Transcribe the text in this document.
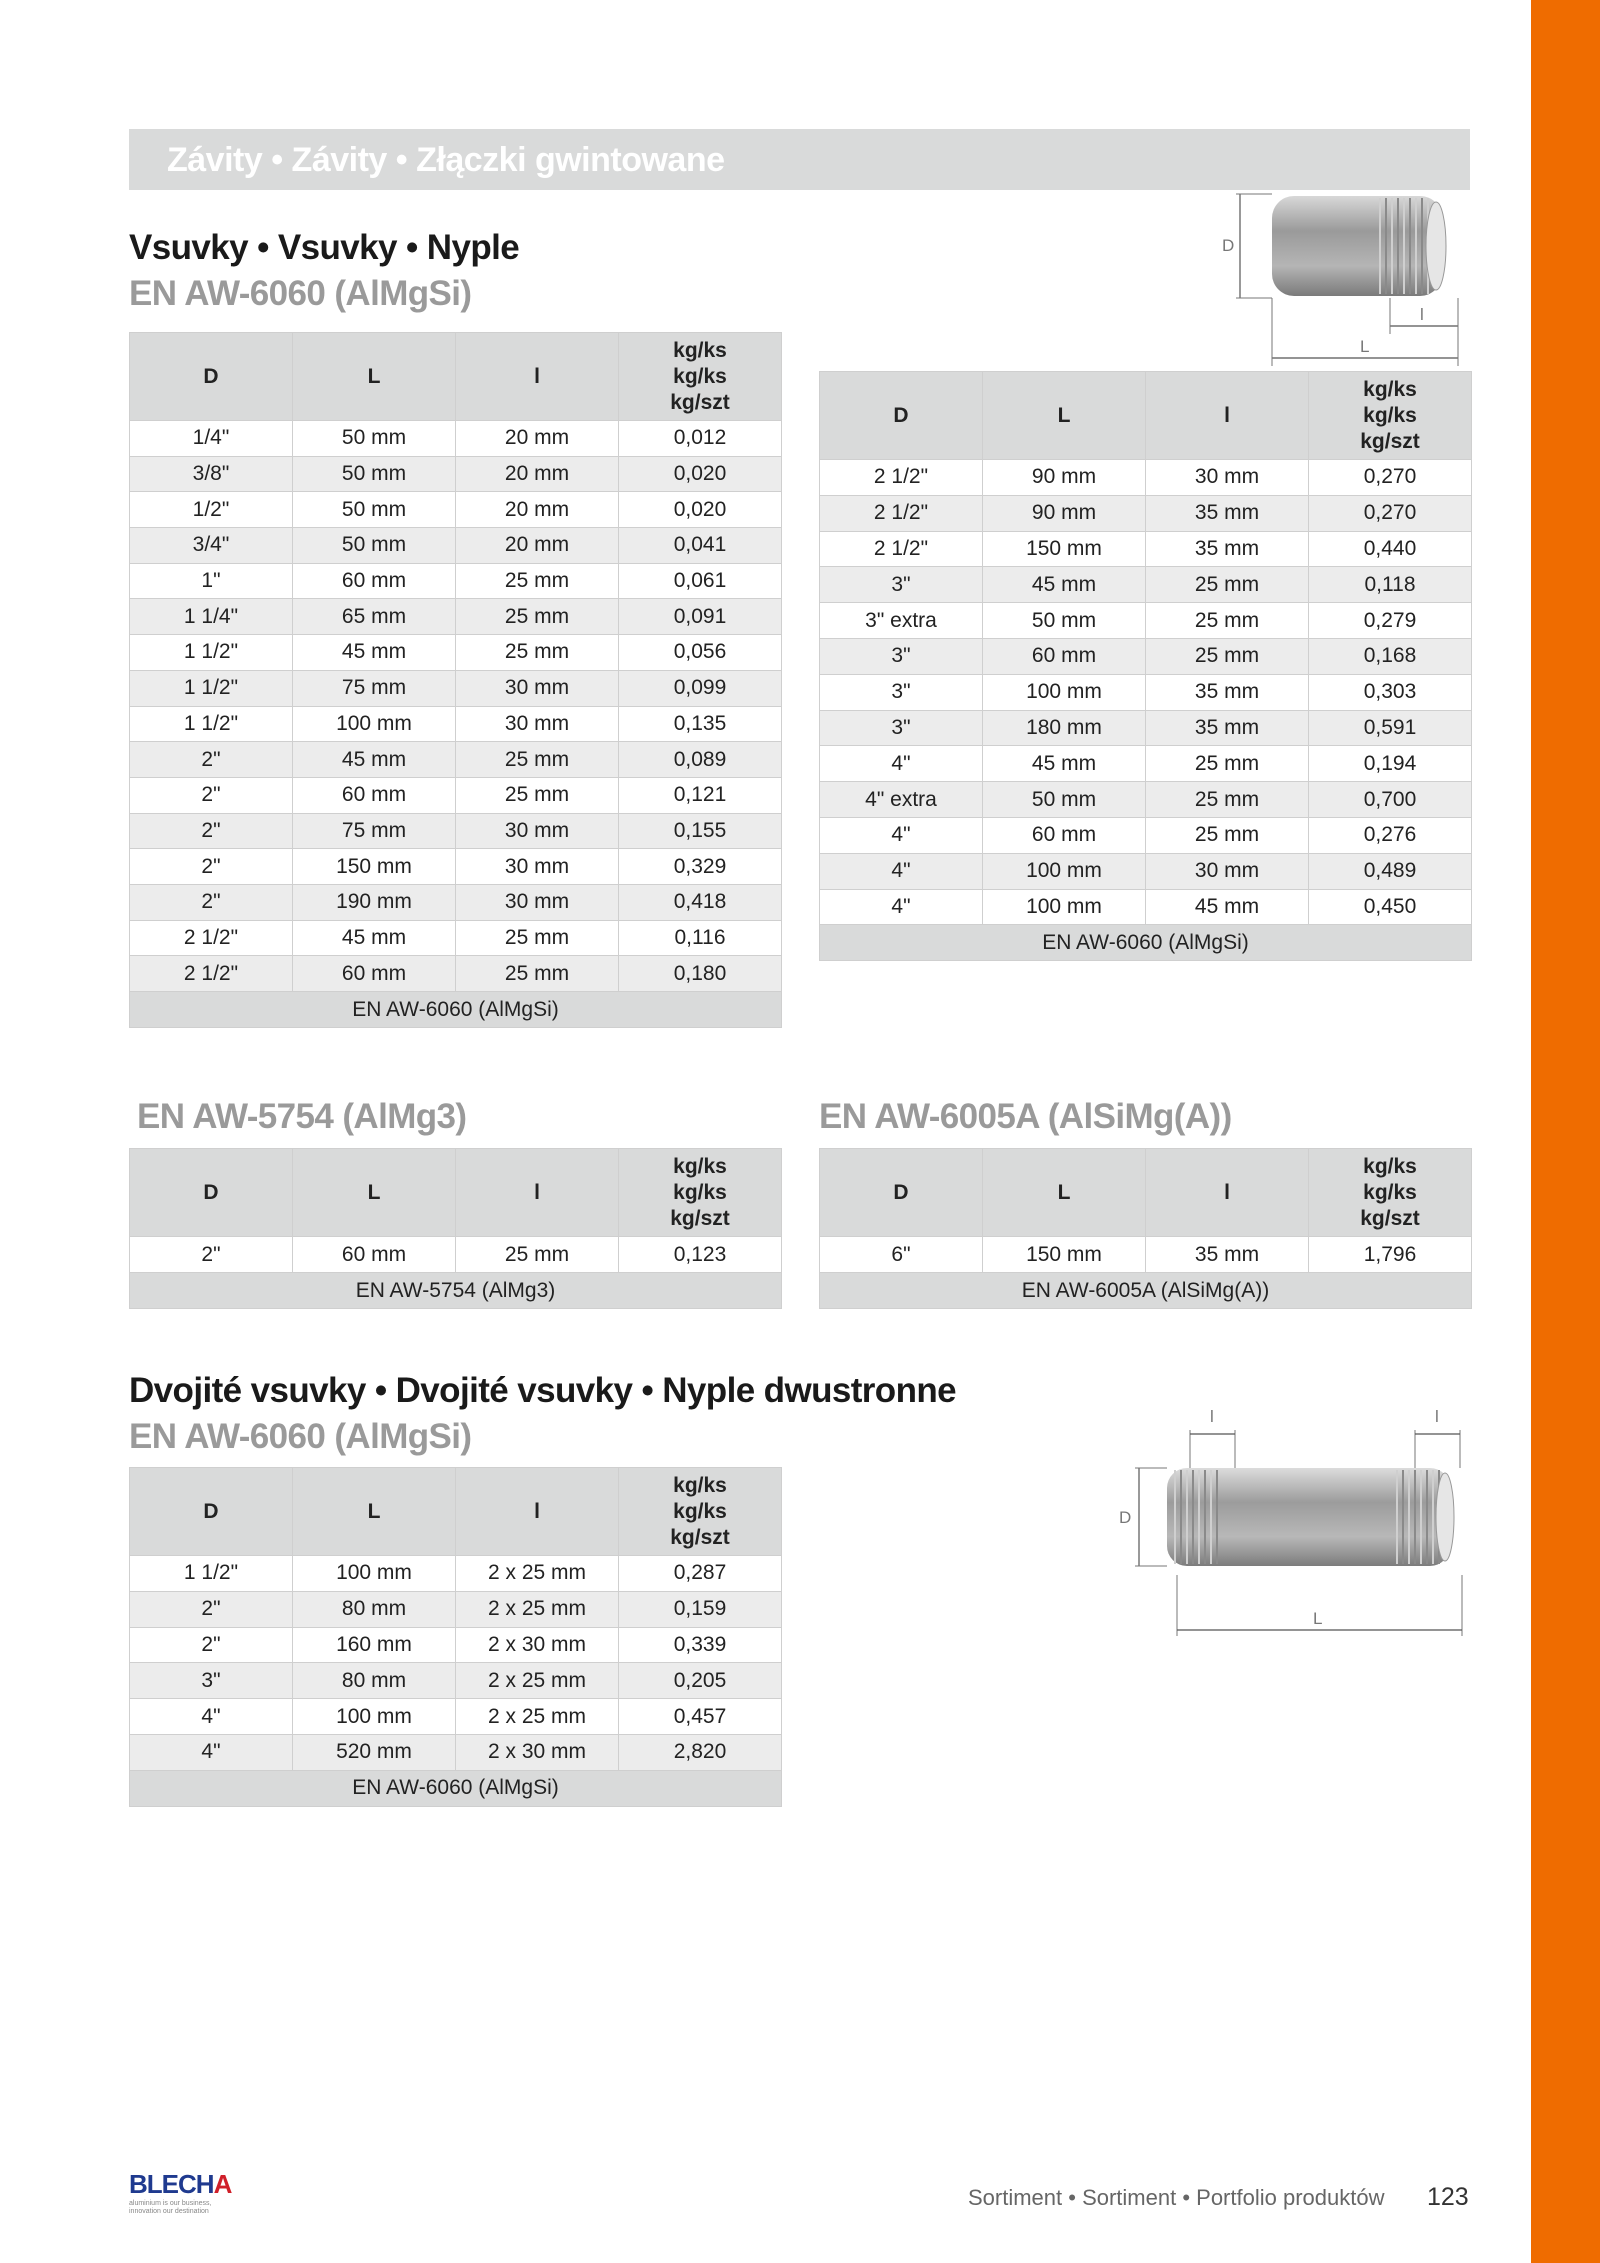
Závity • Závity • Złączki gwintowane
Vsuvky • Vsuvky • Nyple
EN AW-6060 (AlMgSi)
D	L	l	kg/ks
kg/ks
kg/szt

1/4"	50 mm	20 mm	0,012
3/8"	50 mm	20 mm	0,020
1/2"	50 mm	20 mm	0,020
3/4"	50 mm	20 mm	0,041
1"	60 mm	25 mm	0,061
1 1/4"	65 mm	25 mm	0,091
1 1/2"	45 mm	25 mm	0,056
1 1/2"	75 mm	30 mm	0,099
1 1/2"	100 mm	30 mm	0,135
2"	45 mm	25 mm	0,089
2"	60 mm	25 mm	0,121
2"	75 mm	30 mm	0,155
2"	150 mm	30 mm	0,329
2"	190 mm	30 mm	0,418
2 1/2"	45 mm	25 mm	0,116
2 1/2"	60 mm	25 mm	0,180
EN AW-6060 (AlMgSi)			
D	L	l	kg/ks
kg/ks
kg/szt

2 1/2"	90 mm	30 mm	0,270
2 1/2"	90 mm	35 mm	0,270
2 1/2"	150 mm	35 mm	0,440
3"	45 mm	25 mm	0,118
3" extra	50 mm	25 mm	0,279
3"	60 mm	25 mm	0,168
3"	100 mm	35 mm	0,303
3"	180 mm	35 mm	0,591
4"	45 mm	25 mm	0,194
4" extra	50 mm	25 mm	0,700
4"	60 mm	25 mm	0,276
4"	100 mm	30 mm	0,489
4"	100 mm	45 mm	0,450
EN AW-6060 (AlMgSi)			
D
l
L
EN AW-5754 (AlMg3)	EN AW-6005A (AlSiMg(A))
D	L	l	kg/ks
kg/ks
kg/szt

2"	60 mm	25 mm	0,123
EN AW-5754 (AlMg3)			
D	L	l	kg/ks
kg/ks
kg/szt

6"	150 mm	35 mm	1,796
EN AW-6005A (AlSiMg(A))			
Dvojité vsuvky • Dvojité vsuvky • Nyple dwustronne
EN AW-6060 (AlMgSi)
D	L	l	kg/ks
kg/ks
kg/szt

1 1/2"	100 mm	2 x 25 mm	0,287
2"	80 mm	2 x 25 mm	0,159
2"	160 mm	2 x 30 mm	0,339
3"	80 mm	2 x 25 mm	0,205
4"	100 mm	2 x 25 mm	0,457
4"	520 mm	2 x 30 mm	2,820
EN AW-6060 (AlMgSi)			
D
l	l
L
BLECHA
aluminium is our business, innovation our destination
Sortiment • Sortiment • Portfolio produktów 123
